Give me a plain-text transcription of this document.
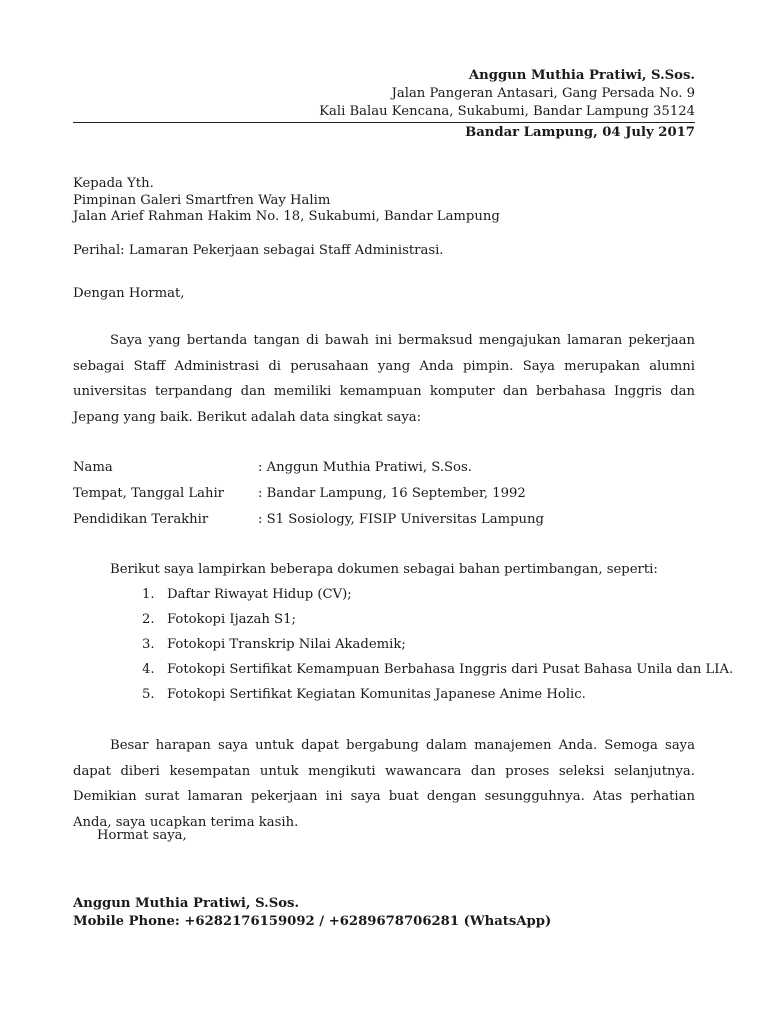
Anggun Muthia Pratiwi, S.Sos.
Jalan Pangeran Antasari, Gang Persada No. 9
Kali Balau Kencana, Sukabumi, Bandar Lampung 35124
Bandar Lampung, 04 July 2017
Kepada Yth.
Pimpinan Galeri Smartfren Way Halim
Jalan Arief Rahman Hakim No. 18, Sukabumi, Bandar Lampung
Perihal: Lamaran Pekerjaan sebagai Staff Administrasi.
Dengan Hormat,

Saya yang bertanda tangan di bawah ini bermaksud mengajukan lamaran pekerjaan sebagai Staff Administrasi di perusahaan yang Anda pimpin. Saya merupakan alumni universitas terpandang dan memiliki kemampuan komputer dan berbahasa Inggris dan Jepang yang baik. Berikut adalah data singkat saya:

Nama	: Anggun Muthia Pratiwi, S.Sos.
Tempat, Tanggal Lahir	: Bandar Lampung, 16 September, 1992
Pendidikan Terakhir	: S1 Sosiology, FISIP Universitas Lampung
Berikut saya lampirkan beberapa dokumen sebagai bahan pertimbangan, seperti:
1. Daftar Riwayat Hidup (CV);
2. Fotokopi Ijazah S1;
3. Fotokopi Transkrip Nilai Akademik;
4. Fotokopi Sertifikat Kemampuan Berbahasa Inggris dari Pusat Bahasa Unila dan LIA.
5. Fotokopi Sertifikat Kegiatan Komunitas Japanese Anime Holic.

Besar harapan saya untuk dapat bergabung dalam manajemen Anda. Semoga saya dapat diberi kesempatan untuk mengikuti wawancara dan proses seleksi selanjutnya. Demikian surat lamaran pekerjaan ini saya buat dengan sesungguhnya. Atas perhatian Anda, saya ucapkan terima kasih.

Hormat saya,
Anggun Muthia Pratiwi, S.Sos.
Mobile Phone: +6282176159092 / +6289678706281 (WhatsApp)
